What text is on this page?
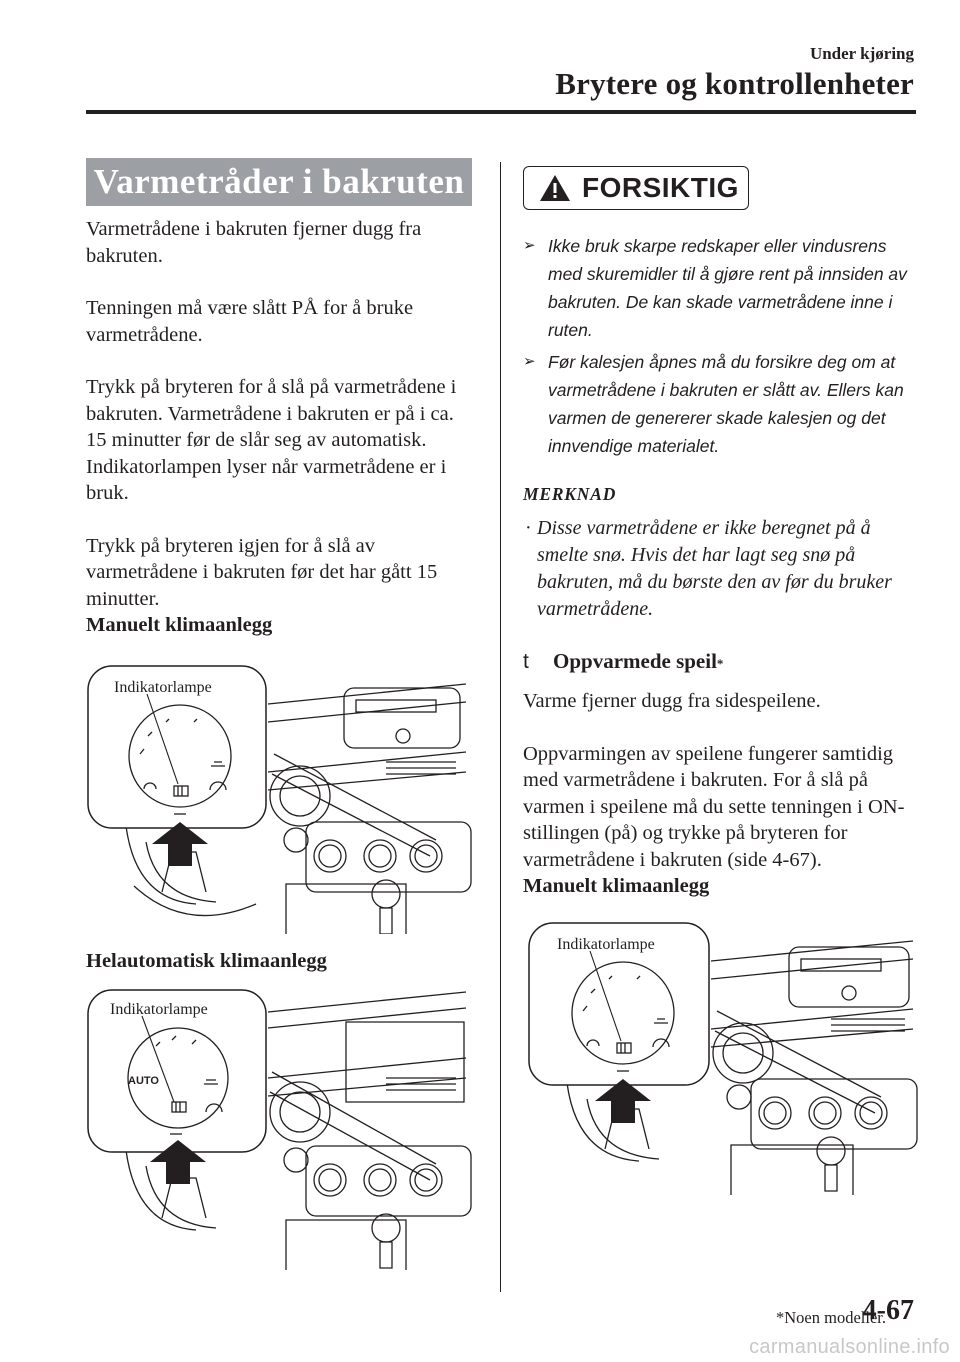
Under kjøring
Brytere og kontrollenheter
Varmetråder i bakruten

Varmetrådene i bakruten fjerner dugg fra bakruten.

Tenningen må være slått PÅ for å bruke varmetrådene.

Trykk på bryteren for å slå på varmetrådene i bakruten. Varmetrådene i bakruten er på i ca. 15 minutter før de slår seg av automatisk.

Indikatorlampen lyser når varmetrådene er i bruk.

Trykk på bryteren igjen for å slå av varmetrådene i bakruten før det har gått 15 minutter.

Manuelt klimaanlegg

Indikatorlampe

Helautomatisk klimaanlegg

AUTO
Indikatorlampe
FORSIKTIG
➢ Ikke bruk skarpe redskaper eller vindusrens med skuremidler til å gjøre rent på innsiden av bakruten. De kan skade varmetrådene inne i ruten.
➢ Før kalesjen åpnes må du forsikre deg om at varmetrådene i bakruten er slått av. Ellers kan varmen de genererer skade kalesjen og det innvendige materialet.

MERKNAD

· Disse varmetrådene er ikke beregnet på å smelte snø. Hvis det har lagt seg snø på bakruten, må du børste den av før du bruker varmetrådene.
t	Oppvarmede speil *

Varme fjerner dugg fra sidespeilene.

Oppvarmingen av speilene fungerer samtidig med varmetrådene i bakruten. For å slå på varmen i speilene må du sette tenningen i ON-stillingen (på) og trykke på bryteren for varmetrådene i bakruten (side 4-67).

Manuelt klimaanlegg

Indikatorlampe
*Noen modeller.
4-67
carmanualsonline.info
